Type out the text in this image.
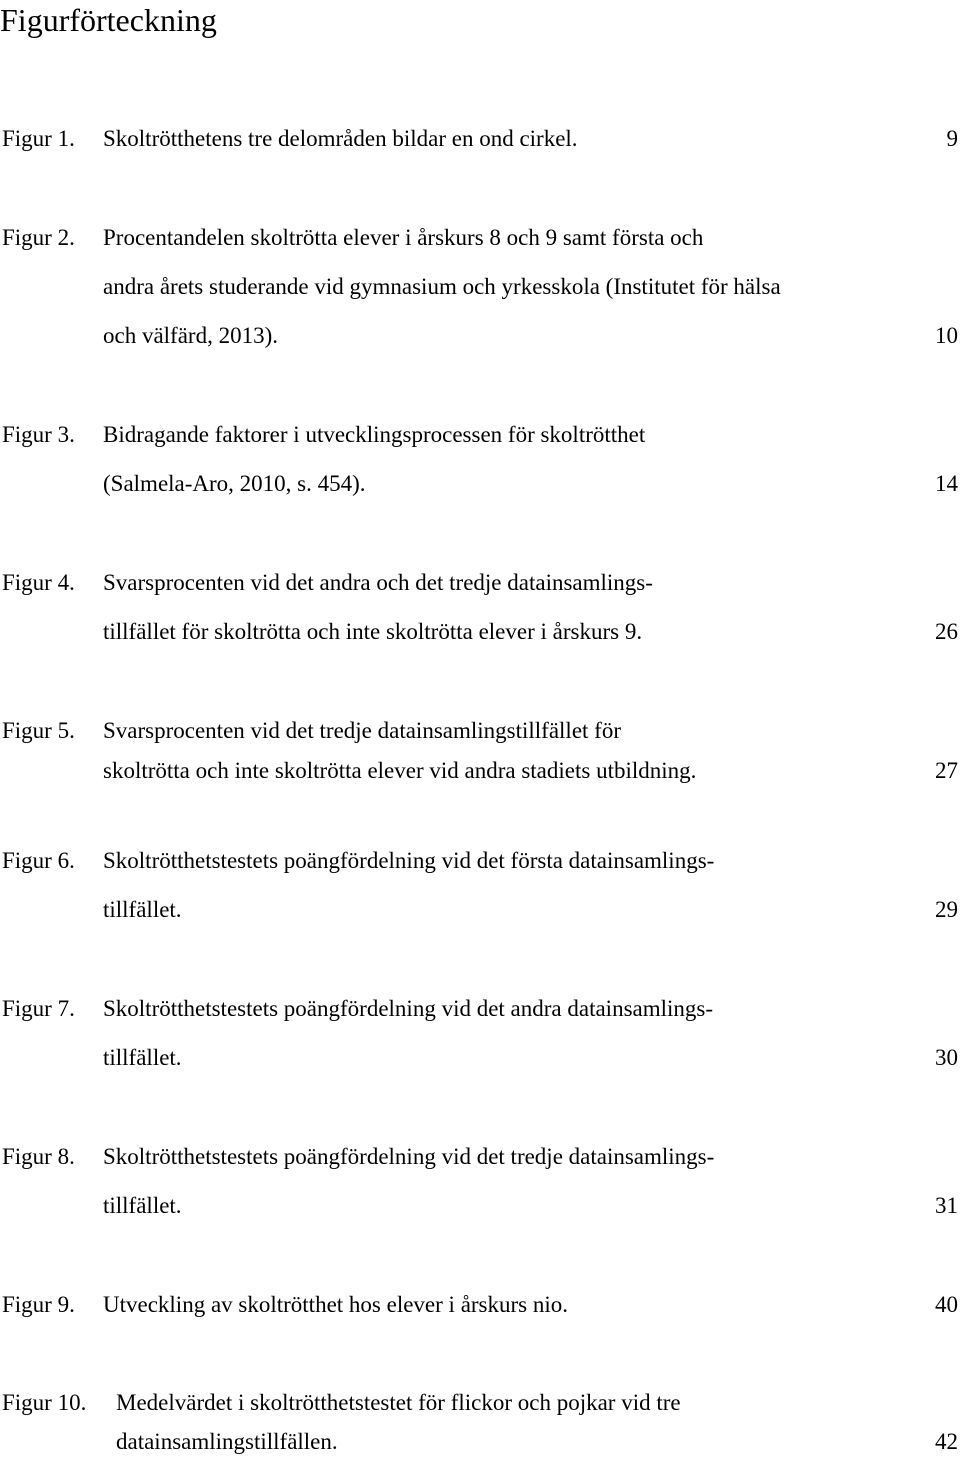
Figurförteckning
Figur 1. Skoltrötthetens tre delområden bildar en ond cirkel.	9
Figur 2. Procentandelen skoltrötta elever i årskurs 8 och 9 samt första och
andra årets studerande vid gymnasium och yrkesskola (Institutet för hälsa
och välfärd, 2013).	10
Figur 3. Bidragande faktorer i utvecklingsprocessen för skoltrötthet
(Salmela-Aro, 2010, s. 454).	14
Figur 4. Svarsprocenten vid det andra och det tredje datainsamlings-
tillfället för skoltrötta och inte skoltrötta elever i årskurs 9.	26
Figur 5. Svarsprocenten vid det tredje datainsamlingstillfället för
skoltrötta och inte skoltrötta elever vid andra stadiets utbildning.	27
Figur 6. Skoltrötthetstestets poängfördelning vid det första datainsamlings-
tillfället.	29
Figur 7. Skoltrötthetstestets poängfördelning vid det andra datainsamlings-
tillfället.	30
Figur 8. Skoltrötthetstestets poängfördelning vid det tredje datainsamlings-
tillfället.	31
Figur 9. Utveckling av skoltrötthet hos elever i årskurs nio.	40
Figur 10. Medelvärdet i skoltrötthetstestet för flickor och pojkar vid tre
datainsamlingstillfällen.	42
